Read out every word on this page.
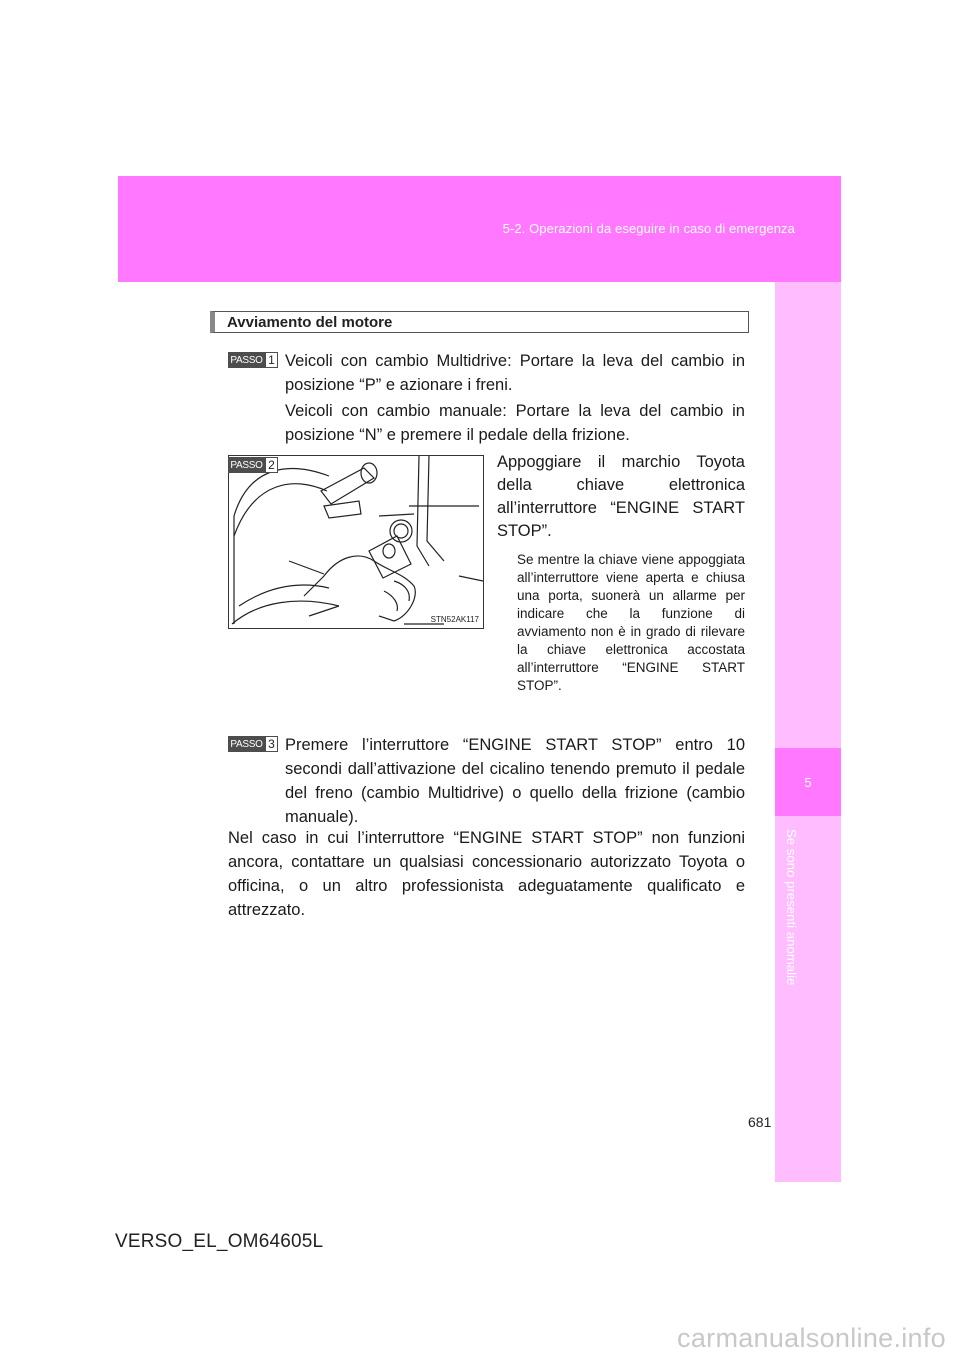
5-2. Operazioni da eseguire in caso di emergenza
5
Se sono presenti anomalie
Avviamento del motore
PASSO 1 Veicoli con cambio Multidrive: Portare la leva del cambio in posizione “P” e azionare i freni.
Veicoli con cambio manuale: Portare la leva del cambio in posizione “N” e premere il pedale della frizione.
PASSO 2
STN52AK117
Appoggiare il marchio Toyota della chiave elettronica all’interruttore “ENGINE START STOP”.
Se mentre la chiave viene appoggiata all’interruttore viene aperta e chiusa una porta, suonerà un allarme per indicare che la funzione di avviamento non è in grado di rilevare la chiave elettronica accostata all’interruttore “ENGINE START STOP”.
PASSO 3 Premere l’interruttore “ENGINE START STOP” entro 10 secondi dall’attivazione del cicalino tenendo premuto il pedale del freno (cambio Multidrive) o quello della frizione (cambio manuale).
Nel caso in cui l’interruttore “ENGINE START STOP” non funzioni ancora, contattare un qualsiasi concessionario autorizzato Toyota o officina, o un altro professionista adeguatamente qualificato e attrezzato.
681
VERSO_EL_OM64605L
carmanualsonline.info
